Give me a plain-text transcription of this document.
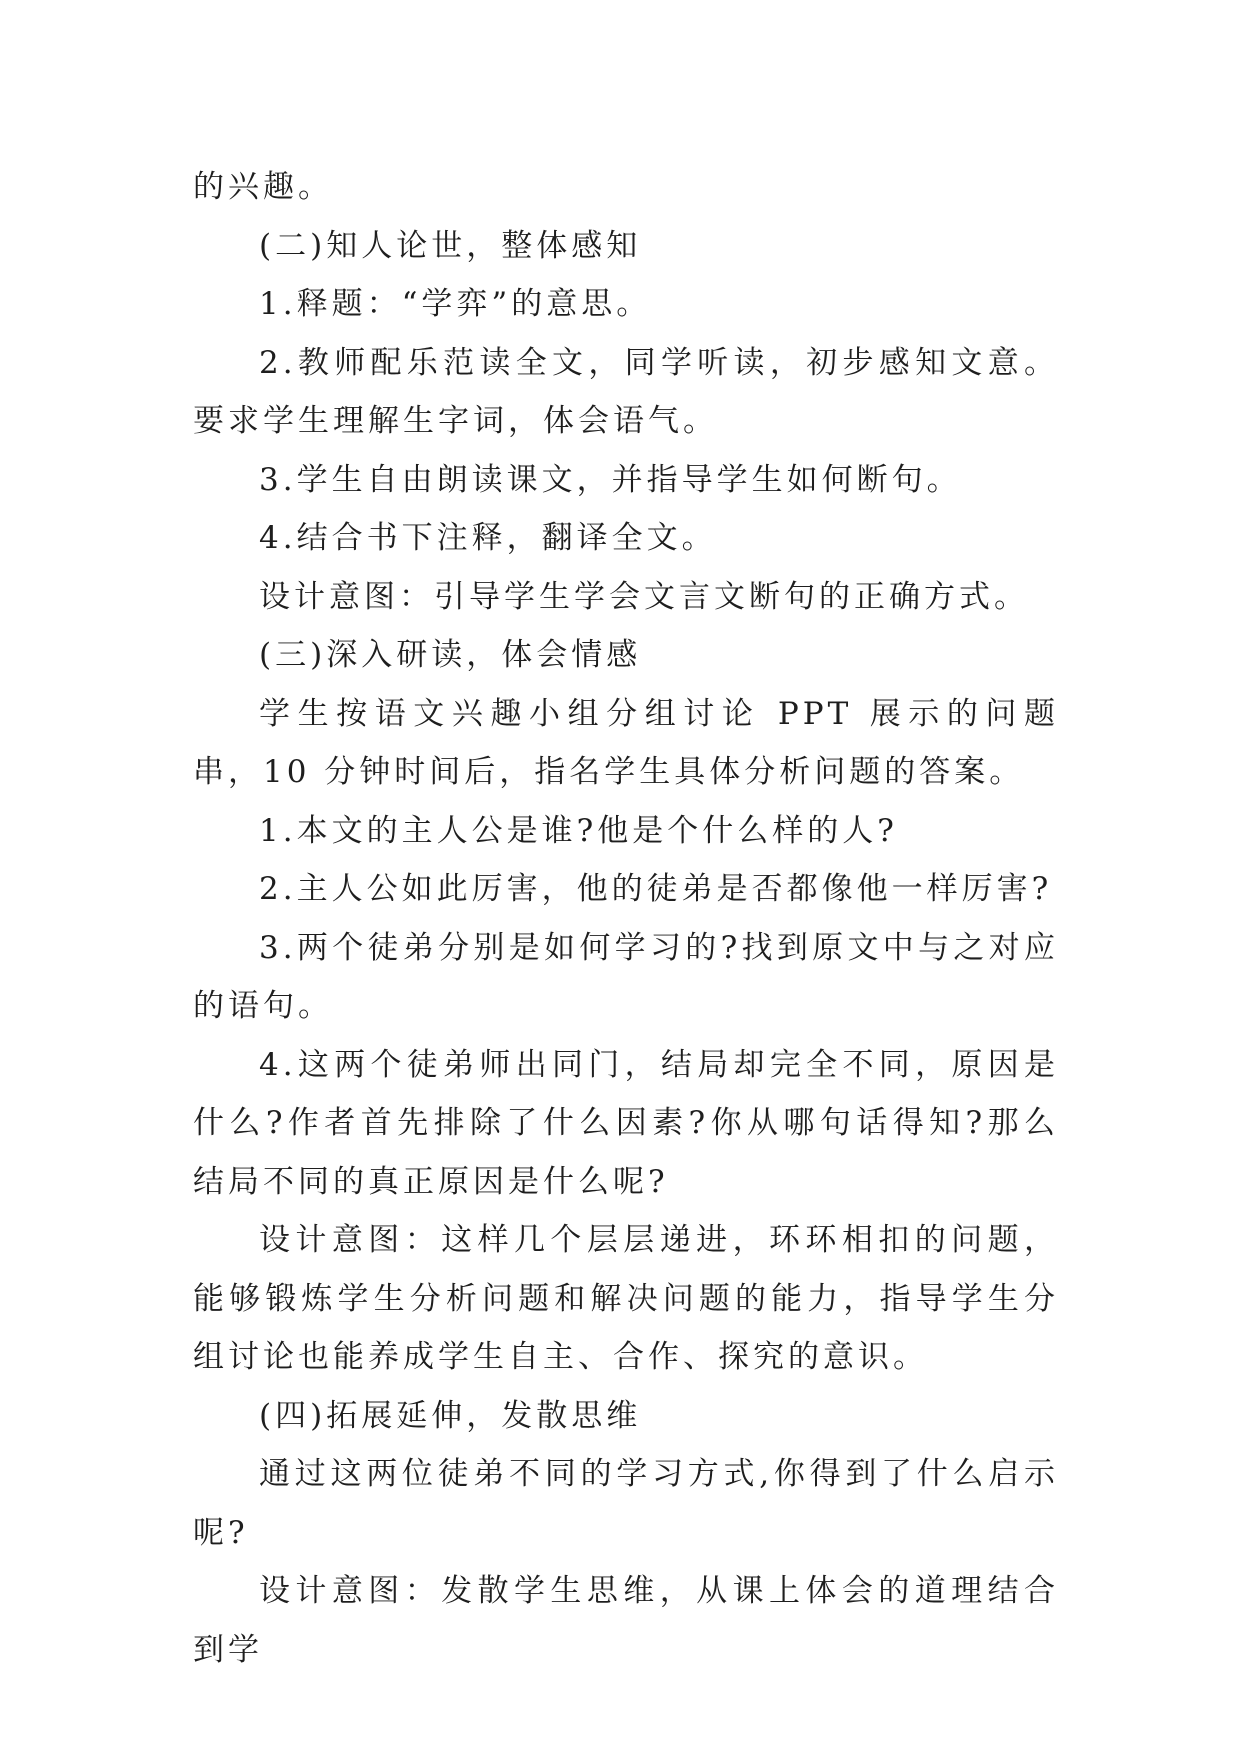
的兴趣。

(二)知人论世，整体感知

1.释题：“学弈”的意思。

2.教师配乐范读全文，同学听读，初步感知文意。要求学生理解生字词，体会语气。

3.学生自由朗读课文，并指导学生如何断句。

4.结合书下注释，翻译全文。

设计意图：引导学生学会文言文断句的正确方式。

(三)深入研读，体会情感

学生按语文兴趣小组分组讨论 PPT 展示的问题串，10 分钟时间后，指名学生具体分析问题的答案。

1.本文的主人公是谁?他是个什么样的人?

2.主人公如此厉害，他的徒弟是否都像他一样厉害?

3.两个徒弟分别是如何学习的?找到原文中与之对应的语句。

4.这两个徒弟师出同门，结局却完全不同，原因是什么?作者首先排除了什么因素?你从哪句话得知?那么结局不同的真正原因是什么呢?

设计意图：这样几个层层递进，环环相扣的问题，能够锻炼学生分析问题和解决问题的能力，指导学生分组讨论也能养成学生自主、合作、探究的意识。

(四)拓展延伸，发散思维

通过这两位徒弟不同的学习方式,你得到了什么启示呢?

设计意图：发散学生思维，从课上体会的道理结合到学
